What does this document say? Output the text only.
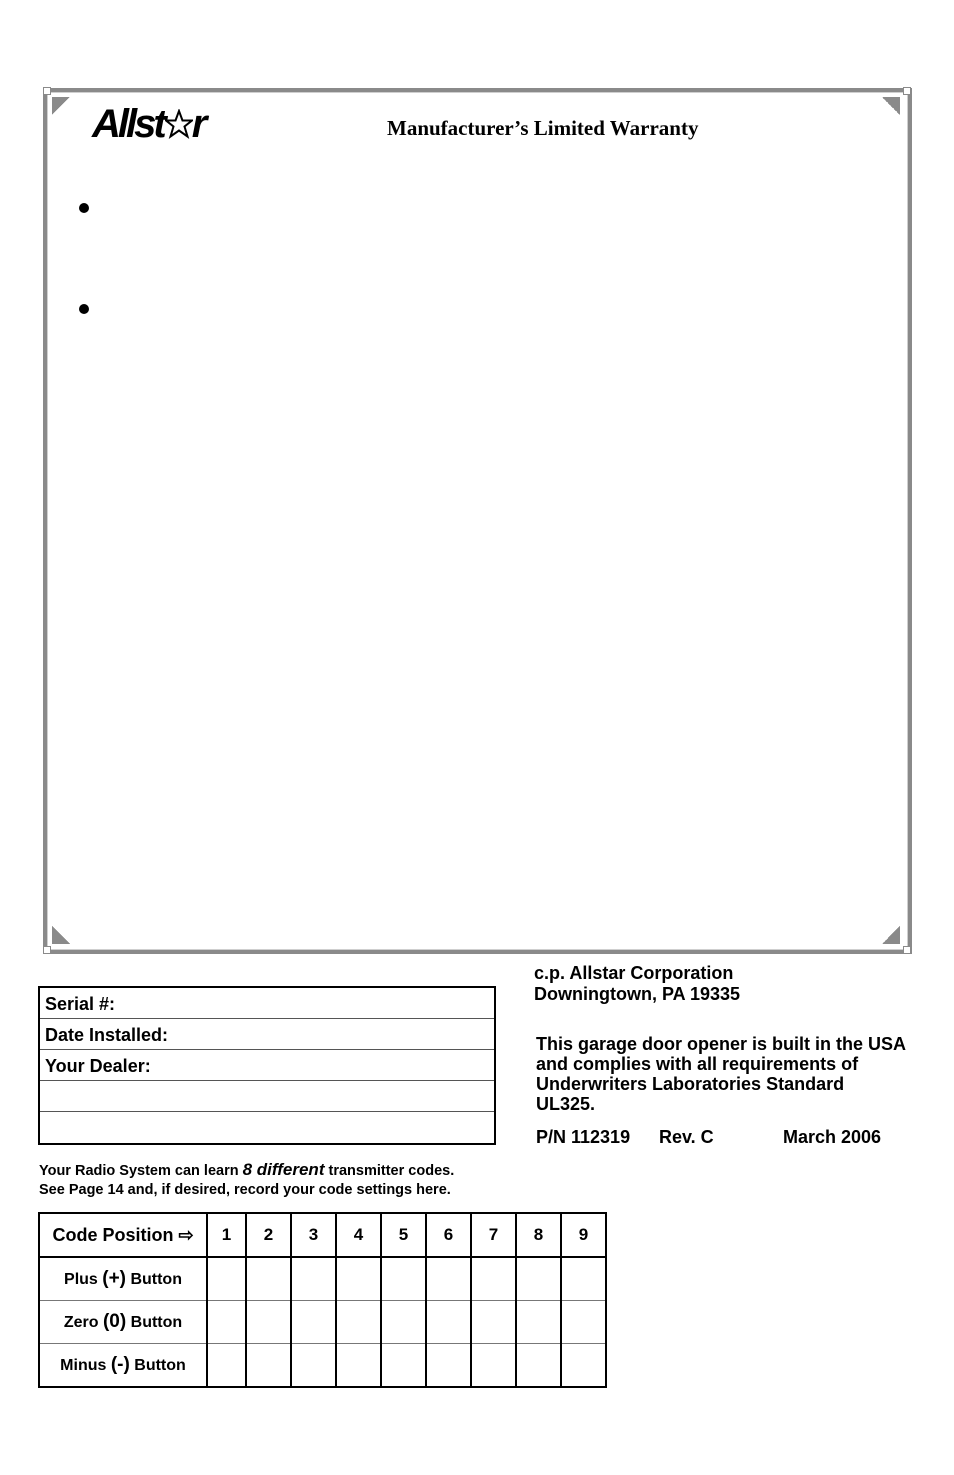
Allst r	Manufacturer’s Limited Warranty
c.p. Allstar Corporation
Downingtown, PA 19335
This garage door opener is built in the USA and complies with all requirements of Underwriters Laboratories Standard UL325.
P/N 112319 Rev. C	March 2006
Serial #:
Date Installed:
Your Dealer:
Your Radio System can learn 8 different transmitter codes.
See Page 14 and, if desired, record your code settings here.
Code Position ⇨	1	2	3	4	5	6	7	8	9
Plus (+) Button									
Zero (0) Button									
Minus (-) Button									
